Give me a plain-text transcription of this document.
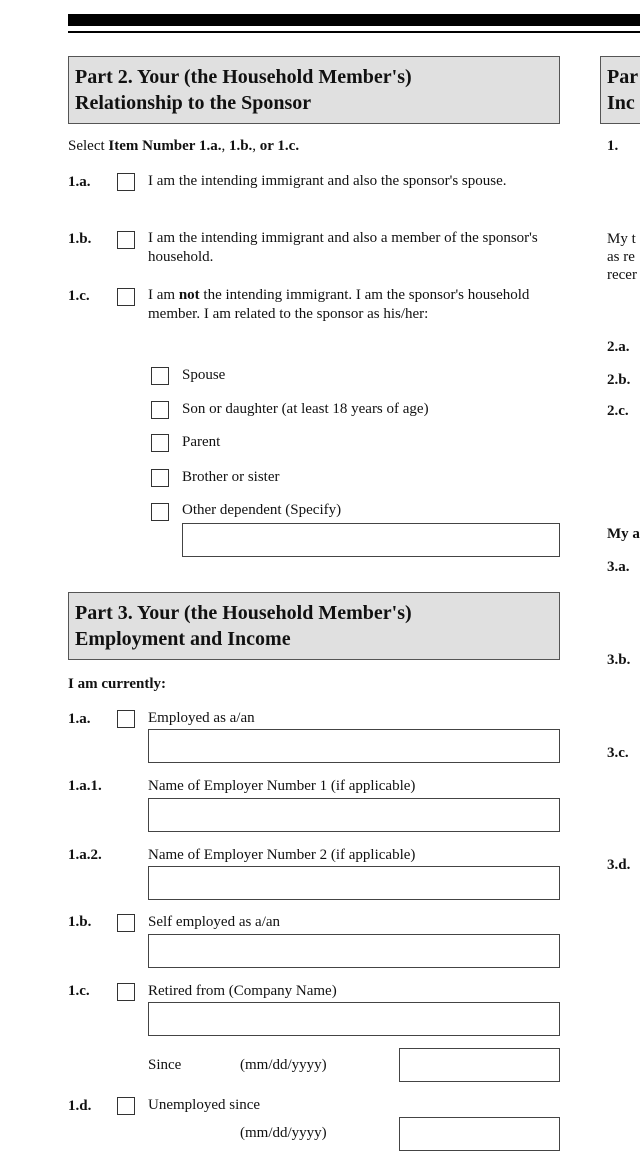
Part 2. Your (the Household Member's)
Relationship to the Sponsor
Select Item Number 1.a., 1.b., or 1.c.
1.a.	I am the intending immigrant and also the sponsor's spouse.
1.b.	I am the intending immigrant and also a member of the sponsor's household.
1.c.	I am not the intending immigrant. I am the sponsor's household member. I am related to the sponsor as his/her:
Spouse
Son or daughter (at least 18 years of age)
Parent
Brother or sister
Other dependent (Specify)
Part 3. Your (the Household Member's)
Employment and Income
I am currently:
1.a.	Employed as a/an
1.a.1.	Name of Employer Number 1 (if applicable)
1.a.2.	Name of Employer Number 2 (if applicable)
1.b.	Self employed as a/an
1.c.	Retired from (Company Name)
Since	(mm/dd/yyyy)
1.d.	Unemployed since
(mm/dd/yyyy)
Par
Inc
1.
My t
as re
recer
2.a.
2.b.
2.c.
My a
3.a.
3.b.
3.c.
3.d.
